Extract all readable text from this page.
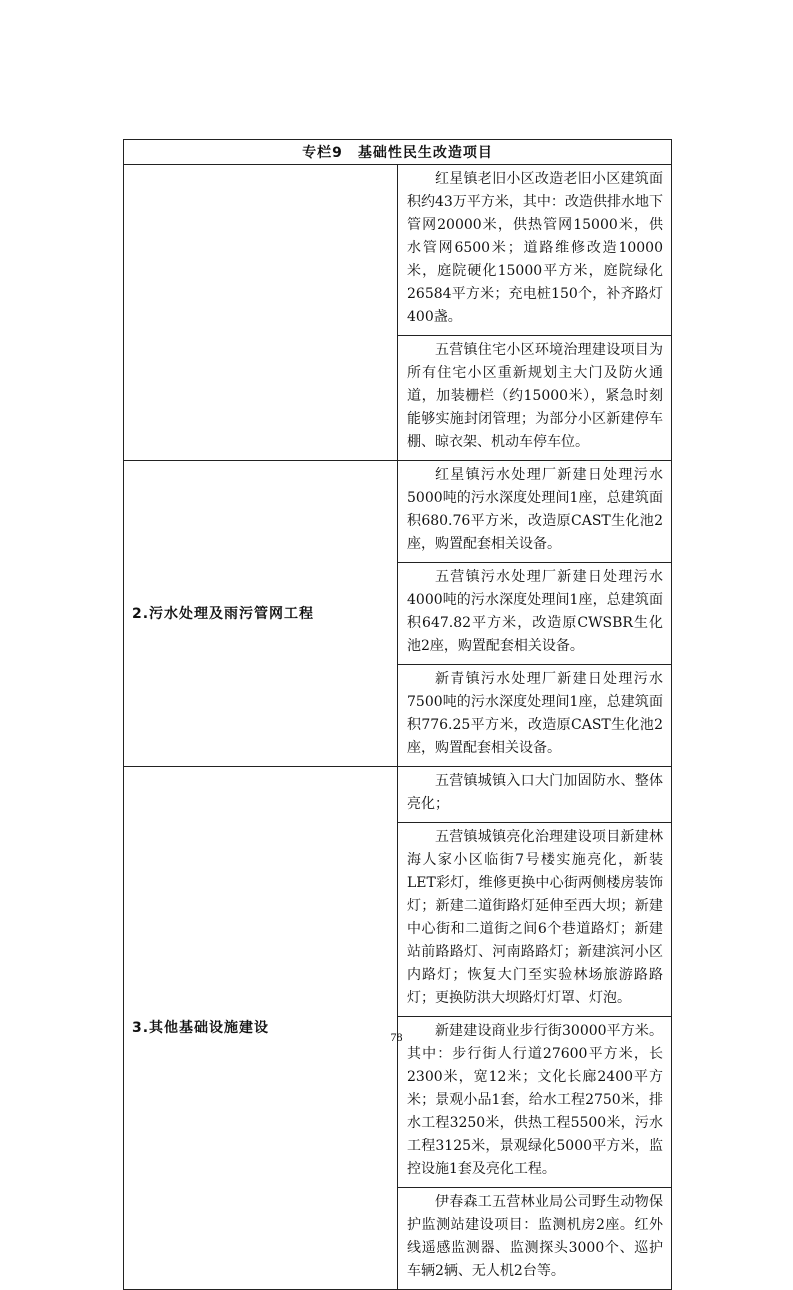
专栏9　基础性民生改造项目	

	红星镇老旧小区改造老旧小区建筑面积约43万平方米，其中：改造供排水地下管网20000米，供热管网15000米，供水管网6500米；道路维修改造10000米，庭院硬化15000平方米，庭院绿化26584平方米；充电桩150个，补齐路灯400盏。

	五营镇住宅小区环境治理建设项目为所有住宅小区重新规划主大门及防火通道，加装栅栏（约15000米），紧急时刻能够实施封闭管理；为部分小区新建停车棚、晾衣架、机动车停车位。

2.污水处理及雨污管网工程	红星镇污水处理厂新建日处理污水5000吨的污水深度处理间1座，总建筑面积680.76平方米，改造原CAST生化池2座，购置配套相关设备。

	五营镇污水处理厂新建日处理污水4000吨的污水深度处理间1座，总建筑面积647.82平方米，改造原CWSBR生化池2座，购置配套相关设备。

	新青镇污水处理厂新建日处理污水7500吨的污水深度处理间1座，总建筑面积776.25平方米，改造原CAST生化池2座，购置配套相关设备。

3.其他基础设施建设	五营镇城镇入口大门加固防水、整体亮化；

	五营镇城镇亮化治理建设项目新建林海人家小区临街7号楼实施亮化，新装LET彩灯，维修更换中心街两侧楼房装饰灯；新建二道街路灯延伸至西大坝；新建中心街和二道街之间6个巷道路灯；新建站前路路灯、河南路路灯；新建滨河小区内路灯；恢复大门至实验林场旅游路路灯；更换防洪大坝路灯灯罩、灯泡。

	新建建设商业步行街30000平方米。其中：步行街人行道27600平方米，长2300米，宽12米；文化长廊2400平方米；景观小品1套，给水工程2750米，排水工程3250米，供热工程5500米，污水工程3125米，景观绿化5000平方米，监控设施1套及亮化工程。

	伊春森工五营林业局公司野生动物保护监测站建设项目：监测机房2座。红外线遥感监测器、监测探头3000个、巡护车辆2辆、无人机2台等。

78
